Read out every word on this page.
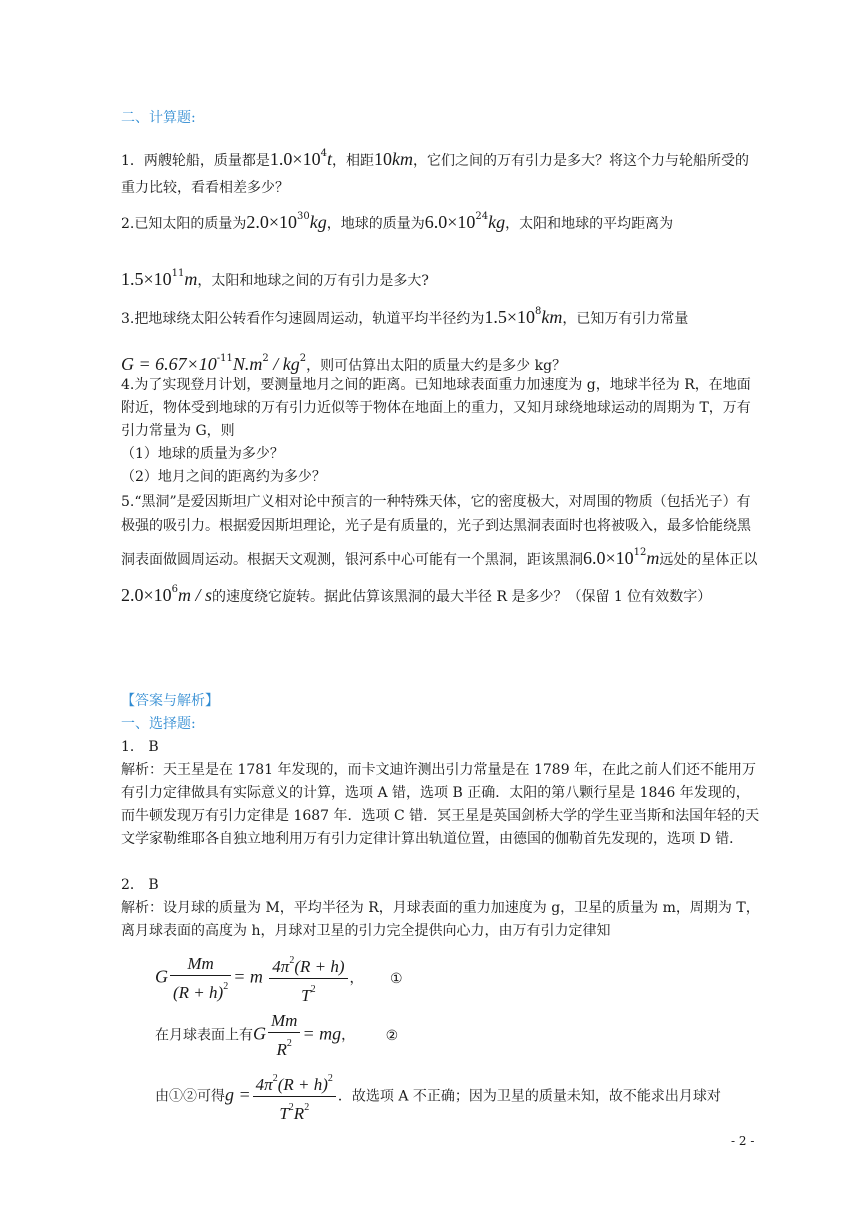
二、计算题:
1．两艘轮船，质量都是$1.0\times 10^4t$，相距10km，它们之间的万有引力是多大？将这个力与轮船所受的重力比较，看看相差多少？
2.已知太阳的质量为$2.0\times 10^{30}kg$，地球的质量为$6.0\times 10^{24}kg$，太阳和地球的平均距离为
$1.5\times 10^{11}m$，太阳和地球之间的万有引力是多大?
3.把地球绕太阳公转看作匀速圆周运动，轨道平均半径约为$1.5\times 10^8km$，已知万有引力常量
$G = 6.67\times 10^{-11}N.m^2 / kg^2$，则可估算出太阳的质量大约是多少 kg？
4.为了实现登月计划，要测量地月之间的距离。已知地球表面重力加速度为 g，地球半径为 R，在地面附近，物体受到地球的万有引力近似等于物体在地面上的重力，又知月球绕地球运动的周期为 T，万有引力常量为 G，则
（1）地球的质量为多少？
（2）地月之间的距离约为多少？
5.“黑洞”是爱因斯坦广义相对论中预言的一种特殊天体，它的密度极大，对周围的物质（包括光子）有极强的吸引力。根据爱因斯坦理论，光子是有质量的，光子到达黑洞表面时也将被吸入，最多恰能绕黑洞表面做圆周运动。根据天文观测，银河系中心可能有一个黑洞，距该黑洞$6.0\times 10^{12}m$远处的星体正以$2.0\times 10^6m / s$的速度绕它旋转。据此估算该黑洞的最大半径 R 是多少？（保留 1 位有效数字）
【答案与解析】
一、选择题:
1． B
解析：天王星是在 1781 年发现的，而卡文迪许测出引力常量是在 1789 年，在此之前人们还不能用万有引力定律做具有实际意义的计算，选项 A 错，选项 B 正确．太阳的第八颗行星是 1846 年发现的，而牛顿发现万有引力定律是 1687 年．选项 C 错．冥王星是英国剑桥大学的学生亚当斯和法国年轻的天文学家勒维耶各自独立地利用万有引力定律计算出轨道位置，由德国的伽勒首先发现的，选项 D 错．
2． B
解析：设月球的质量为 M，平均半径为 R，月球表面的重力加速度为 g，卫星的质量为 m，周期为 T，离月球表面的高度为 h，月球对卫星的引力完全提供向心力，由万有引力定律知
G $\frac{Mm}{(R + h)^2} = m \frac{4\pi^2(R + h)}{T^2}$ ， ①
在月球表面上有G $\frac{Mm}{R^2}$ = mg， ②
由①②可得$g = \frac{4\pi^2(R + h)^2}{T^2R^2}$ ．故选项 A 不正确；因为卫星的质量未知，故不能求出月球对
- 2 -
